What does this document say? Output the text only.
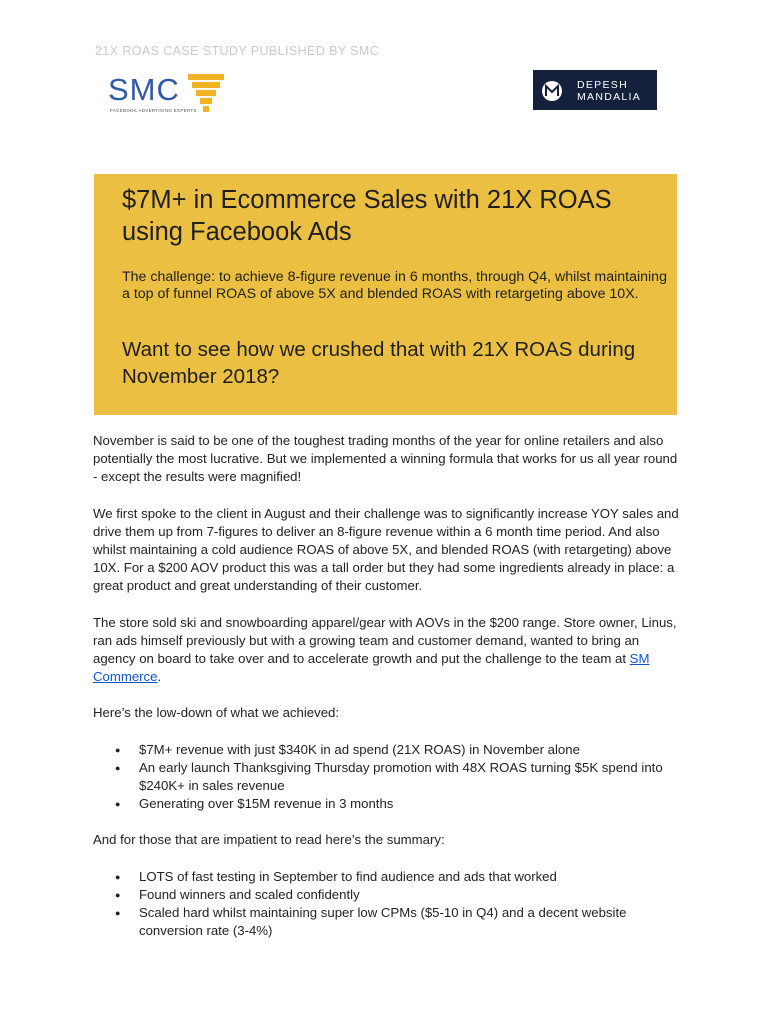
21X ROAS CASE STUDY PUBLISHED BY SMC
SMC
FACEBOOK ADVERTISING EXPERTS
DEPESH
MANDALIA
$7M+ in Ecommerce Sales with 21X ROAS using Facebook Ads
The challenge: to achieve 8-figure revenue in 6 months, through Q4, whilst maintaining a top of funnel ROAS of above 5X and blended ROAS with retargeting above 10X.
Want to see how we crushed that with 21X ROAS during November 2018?

November is said to be one of the toughest trading months of the year for online retailers and also potentially the most lucrative. But we implemented a winning formula that works for us all year round - except the results were magnified!

We first spoke to the client in August and their challenge was to significantly increase YOY sales and drive them up from 7-figures to deliver an 8-figure revenue within a 6 month time period. And also whilst maintaining a cold audience ROAS of above 5X, and blended ROAS (with retargeting) above 10X. For a $200 AOV product this was a tall order but they had some ingredients already in place: a great product and great understanding of their customer.

The store sold ski and snowboarding apparel/gear with AOVs in the $200 range. Store owner, Linus, ran ads himself previously but with a growing team and customer demand, wanted to bring an agency on board to take over and to accelerate growth and put the challenge to the team at SM Commerce.

Here’s the low-down of what we achieved:

● $7M+ revenue with just $340K in ad spend (21X ROAS) in November alone
● An early launch Thanksgiving Thursday promotion with 48X ROAS turning $5K spend into $240K+ in sales revenue
● Generating over $15M revenue in 3 months

And for those that are impatient to read here’s the summary:

● LOTS of fast testing in September to find audience and ads that worked
● Found winners and scaled confidently
● Scaled hard whilst maintaining super low CPMs ($5-10 in Q4) and a decent website conversion rate (3-4%)
